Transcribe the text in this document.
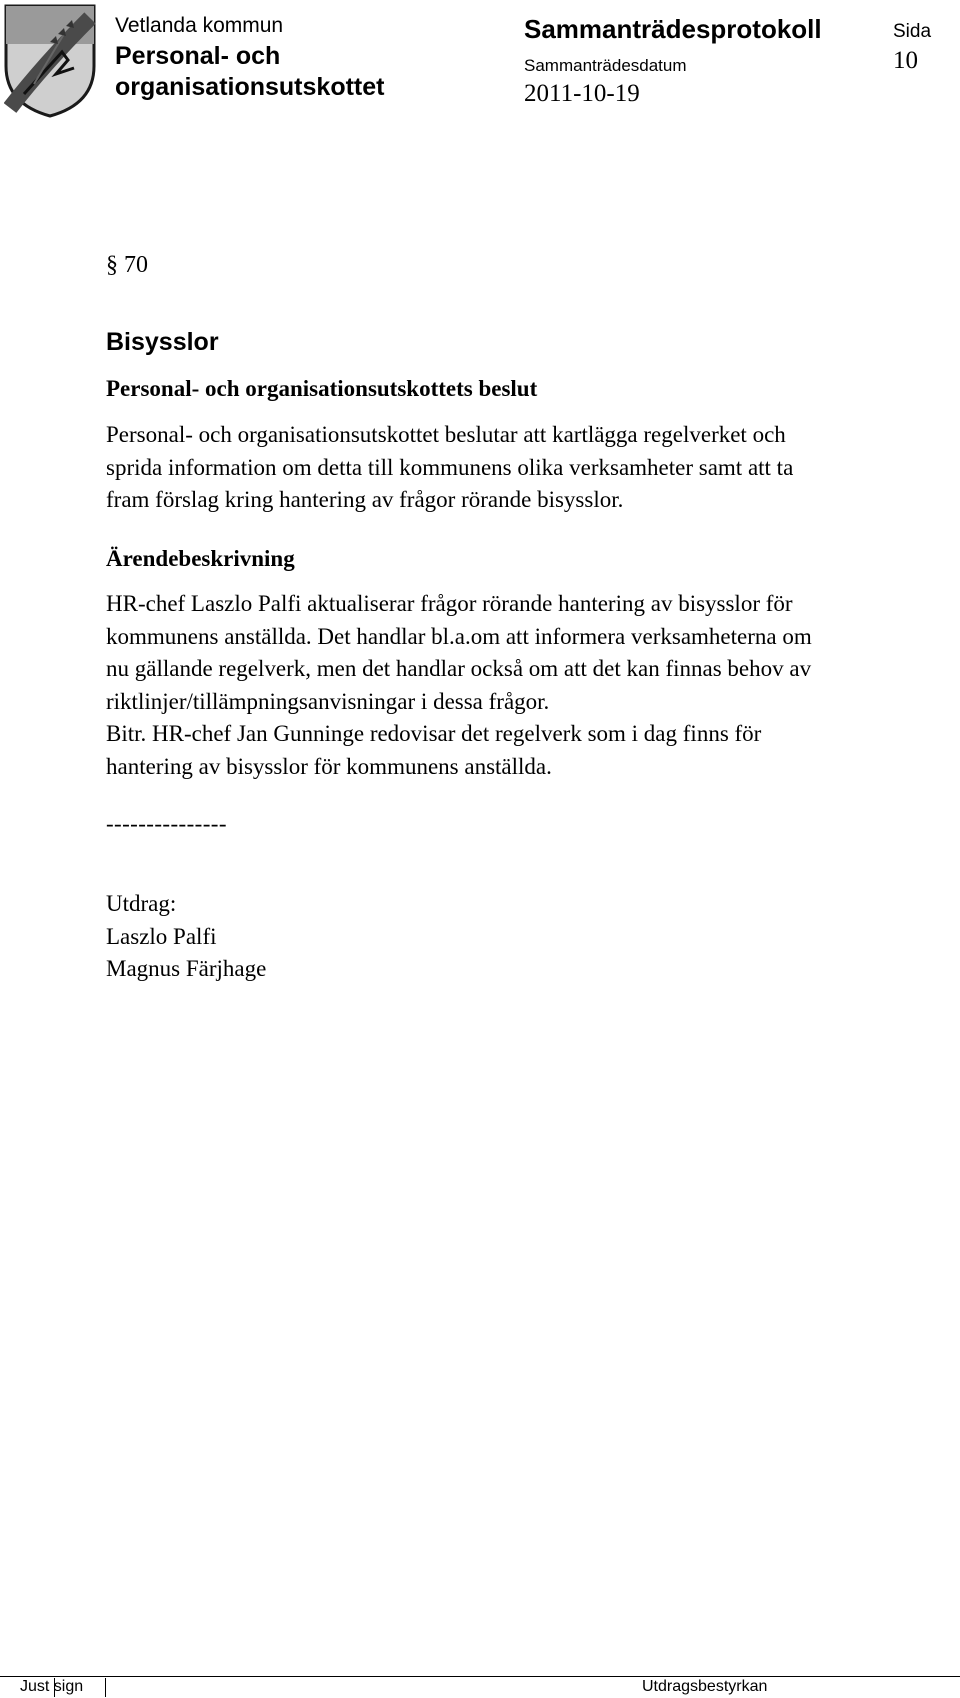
Vetlanda kommun
Personal- och organisationsutskottet
Sammanträdesprotokoll
Sammanträdesdatum
2011-10-19
Sida
10
§ 70
Bisysslor
Personal- och organisationsutskottets beslut

Personal- och organisationsutskottet beslutar att kartlägga regelverket och

sprida information om detta till kommunens olika verksamheter samt att ta

fram förslag kring hantering av frågor rörande bisysslor.

Ärendebeskrivning

HR-chef Laszlo Palfi aktualiserar frågor rörande hantering av bisysslor för

kommunens anställda. Det handlar bl.a.om att informera verksamheterna om

nu gällande regelverk, men det handlar också om att det kan finnas behov av

riktlinjer/tillämpningsanvisningar i dessa frågor.

Bitr. HR-chef Jan Gunninge redovisar det regelverk som i dag finns för

hantering av bisysslor för kommunens anställda.

---------------

Utdrag:

Laszlo Palfi

Magnus Färjhage

Just sign	Utdragsbestyrkan
